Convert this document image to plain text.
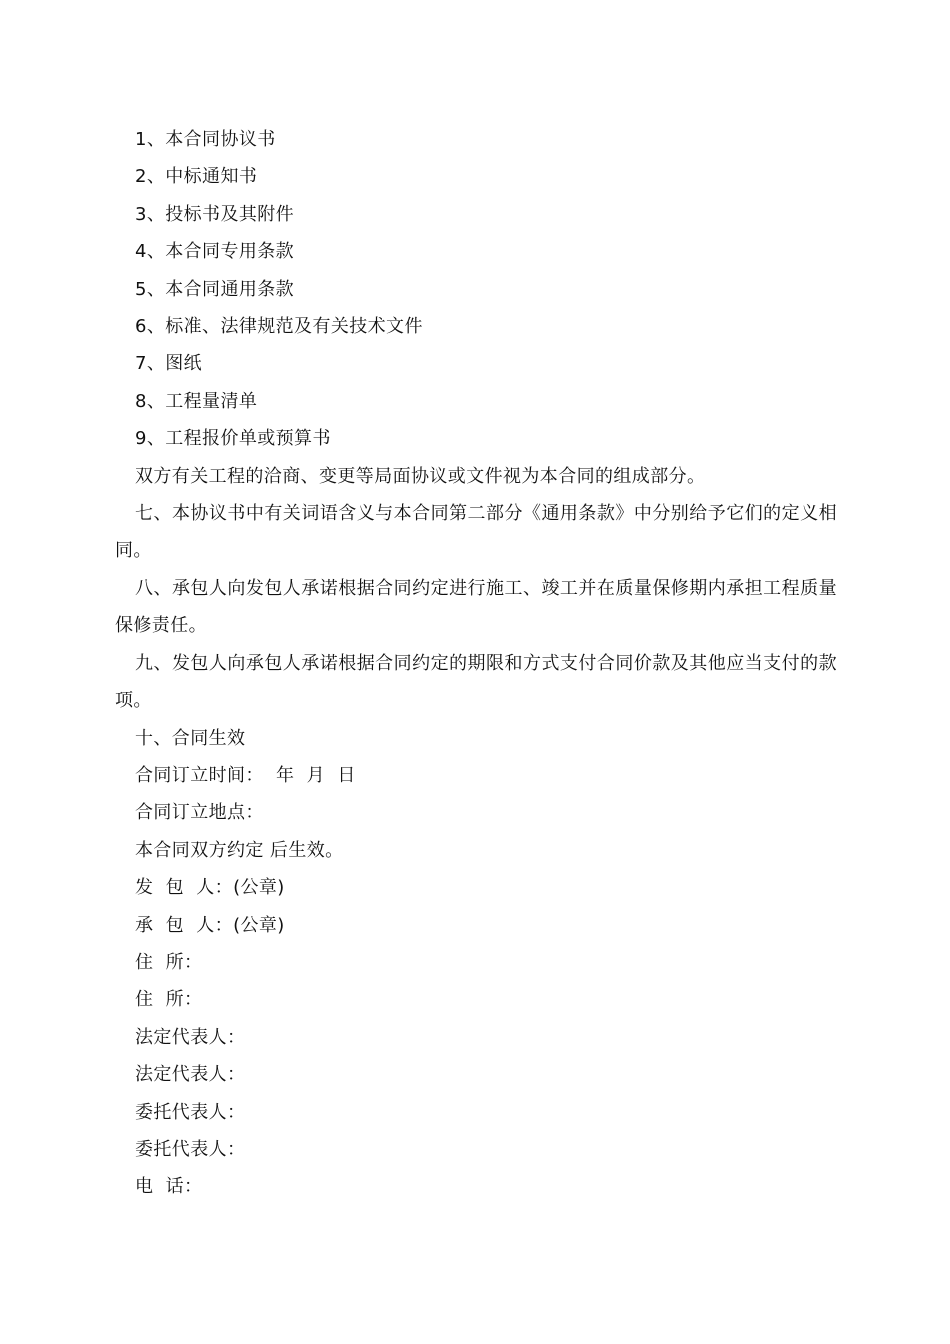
1、本合同协议书

2、中标通知书

3、投标书及其附件

4、本合同专用条款

5、本合同通用条款

6、标准、法律规范及有关技术文件

7、图纸

8、工程量清单

9、工程报价单或预算书

双方有关工程的洽商、变更等局面协议或文件视为本合同的组成部分。

七、本协议书中有关词语含义与本合同第二部分《通用条款》中分别给予它们的定义相同。

八、承包人向发包人承诺根据合同约定进行施工、竣工并在质量保修期内承担工程质量保修责任。

九、发包人向承包人承诺根据合同约定的期限和方式支付合同价款及其他应当支付的款项。

十、合同生效

合同订立时间：  年  月  日

合同订立地点：

本合同双方约定 后生效。

发  包  人：(公章)

承  包  人：(公章)

住  所：

住  所：

法定代表人：

法定代表人：

委托代表人：

委托代表人：

电  话：
